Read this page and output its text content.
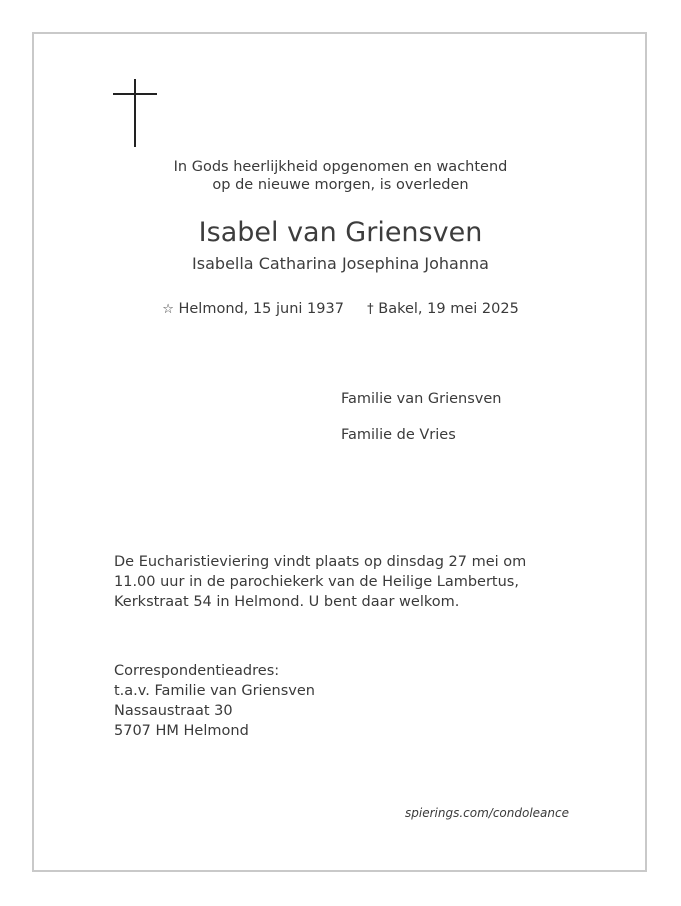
In Gods heerlijkheid opgenomen en wachtend
op de nieuwe morgen, is overleden
Isabel van Griensven
Isabella Catharina Josephina Johanna
☆ Helmond, 15 juni 1937 † Bakel, 19 mei 2025
Familie van Griensven
Familie de Vries
De Eucharistieviering vindt plaats op dinsdag 27 mei om
11.00 uur in de parochiekerk van de Heilige Lambertus,
Kerkstraat 54 in Helmond. U bent daar welkom.
Correspondentieadres:
t.a.v. Familie van Griensven
Nassaustraat 30
5707 HM Helmond
spierings.com/condoleance
